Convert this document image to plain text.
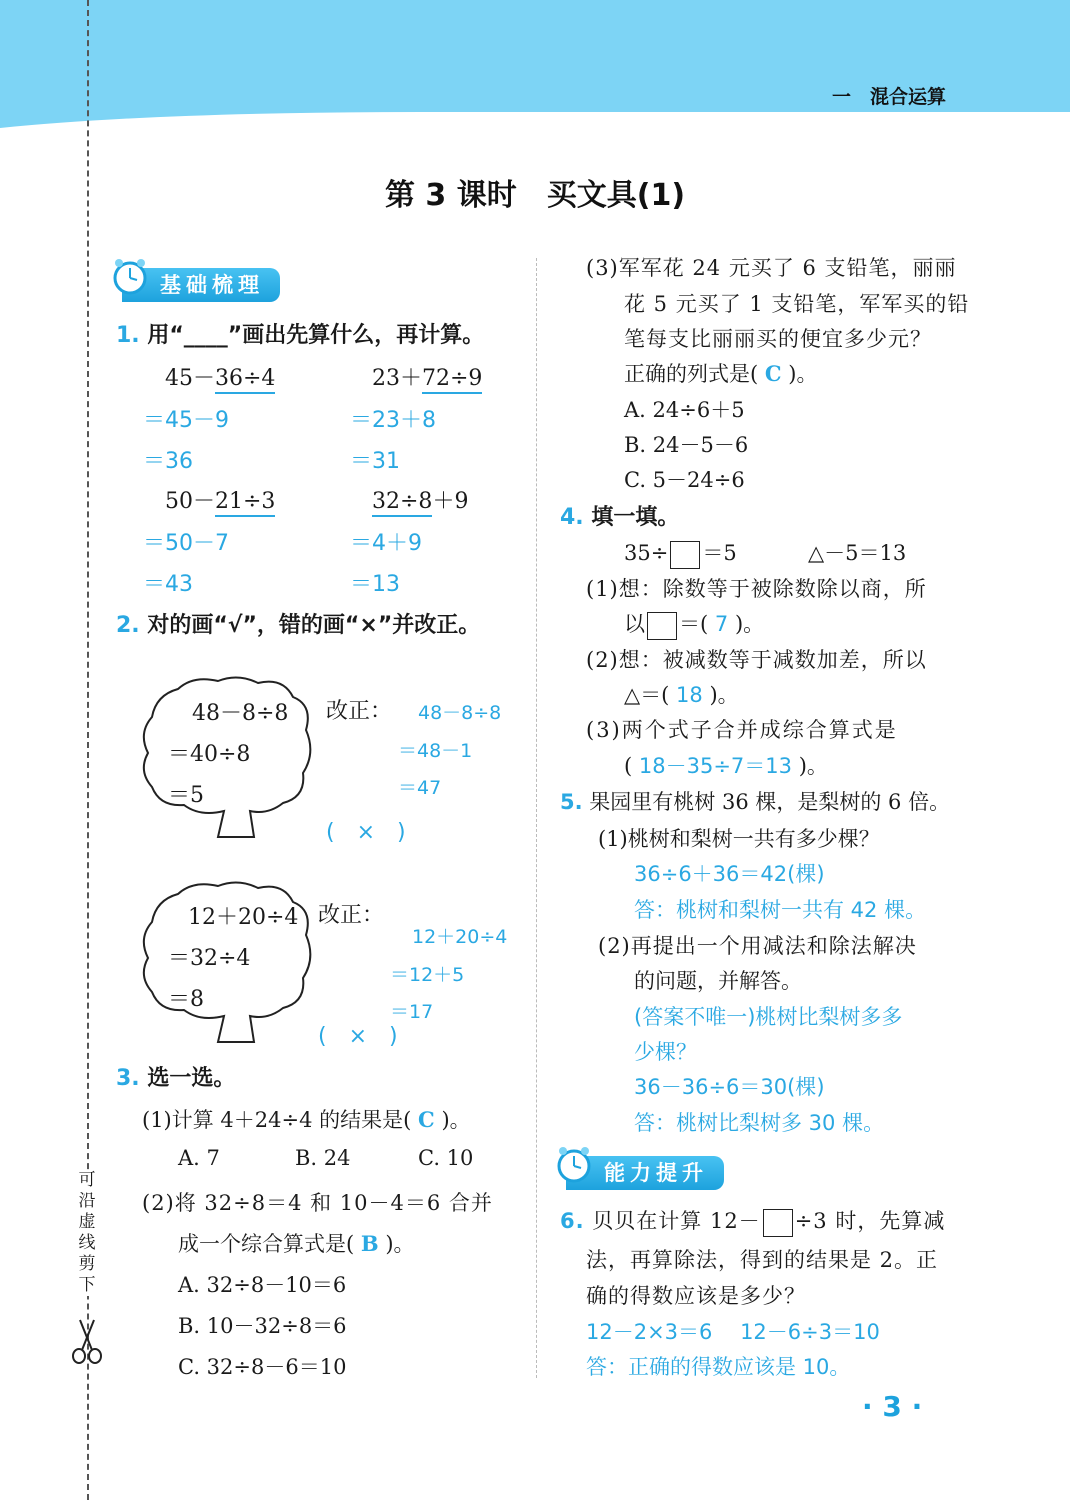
一　混合运算
可沿虚线剪下
第 3 课时　买文具(1)
基础梳理
1. 用“____”画出先算什么，再计算。
45－36÷4
＝45－9
＝36
23＋72÷9
＝23＋8
＝31
50－21÷3
＝50－7
＝43
32÷8＋9
＝4＋9
＝13
2. 对的画“√”，错的画“×”并改正。
48－8÷8
＝40÷8
＝5
改正： 48－8÷8
＝48－1
＝47
(　×　)
12＋20÷4
＝32÷4
＝8
改正：
12＋20÷4
＝12＋5
＝17
(　×　)
3. 选一选。
(1)计算 4＋24÷4 的结果是( C )。
A. 7	B. 24	C. 10
(2)将 32÷8＝4 和 10－4＝6 合并
成一个综合算式是( B )。
A. 32÷8－10＝6
B. 10－32÷8＝6
C. 32÷8－6＝10
(3)军军花 24 元买了 6 支铅笔，丽丽
花 5 元买了 1 支铅笔，军军买的铅
笔每支比丽丽买的便宜多少元？
正确的列式是( C )。
A. 24÷6＋5
B. 24－5－6
C. 5－24÷6
4. 填一填。
35÷ ＝5	△－5＝13
(1)想：除数等于被除数除以商，所
以 ＝( 7 )。
(2)想：被减数等于减数加差，所以
△＝( 18 )。
(3)两个式子合并成综合算式是
( 18－35÷7＝13 )。
5. 果园里有桃树 36 棵，是梨树的 6 倍。
(1)桃树和梨树一共有多少棵？
36÷6＋36＝42(棵)
答：桃树和梨树一共有 42 棵。
(2)再提出一个用减法和除法解决
的问题，并解答。
(答案不唯一)桃树比梨树多多
少棵？
36－36÷6＝30(棵)
答：桃树比梨树多 30 棵。
能力提升
6. 贝贝在计算 12－ ÷3 时，先算减
法，再算除法，得到的结果是 2。正
确的得数应该是多少？
12－2×3＝6　 12－6÷3＝10
答：正确的得数应该是 10。
· 3 ·
